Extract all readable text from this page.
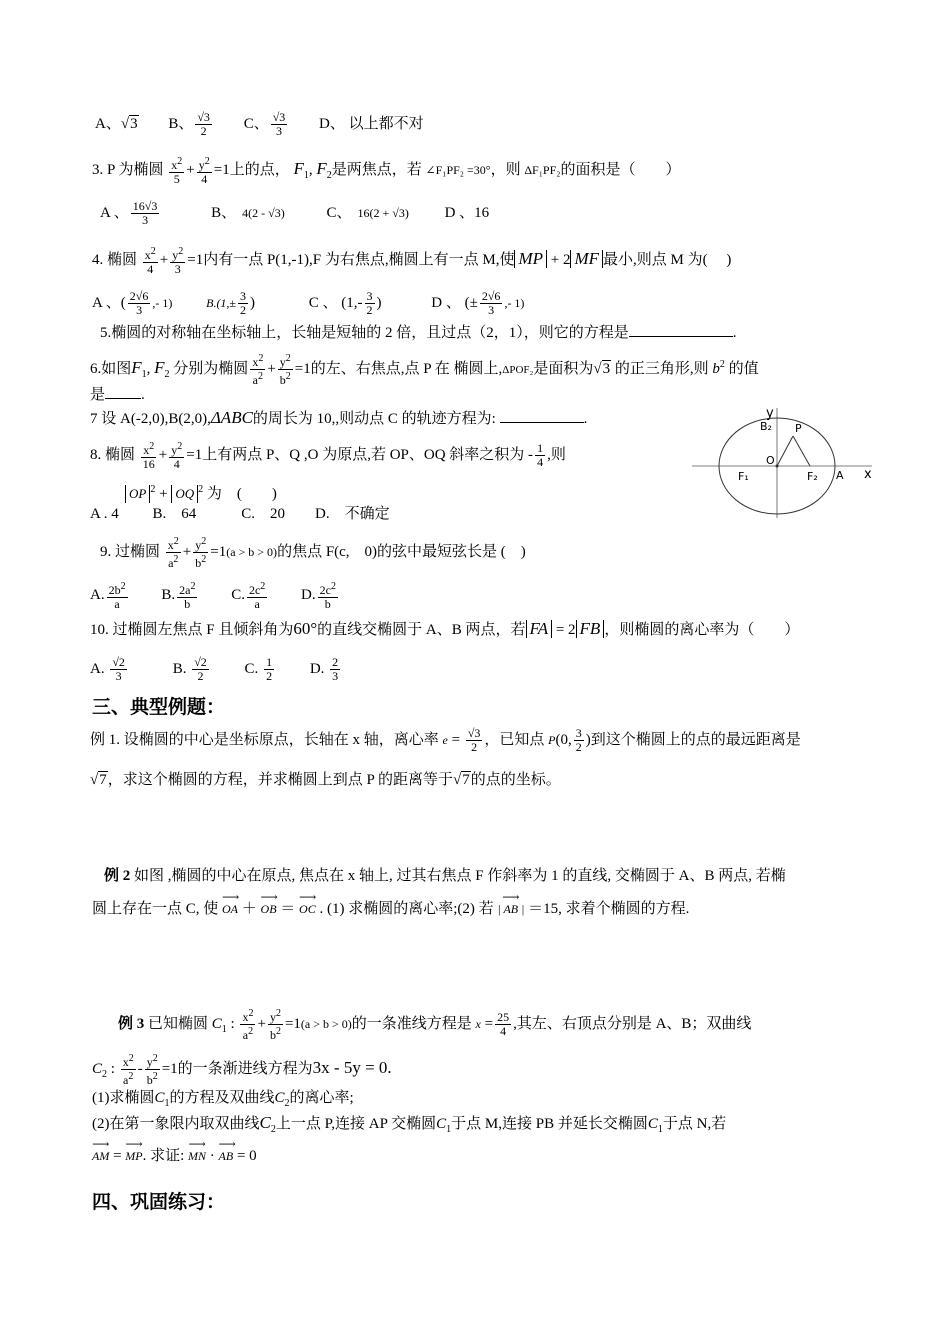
A、√3 B、 $\frac{√3}{2}$ C、 $\frac{√3}{3}$ D、 以上都不对
3. P 为椭圆 $\frac{x^2}{5} + \frac{y^2}{4} =1$上的点， $F_1$, $F_2$是两焦点，若 ∠F₁PF₂ =30°，则 ΔF₁PF₂的面积是（　　）
A 、 $\frac{16√3}{3}$	B、 4(2 - √3)	C、 16(2 + √3) D 、16
4. 椭圆 $\frac{x^2}{4} + \frac{y^2}{3} =1$内有一点 P(1,-1),F 为右焦点,椭圆上有一点 M,使 MP + 2 MF 最小,则点 M 为(　 )
A 、( $\frac{2√6}{3}$ ,- 1)	$B.(1,\pm \frac{3}{2}$ )	C 、 ($1,- \frac{3}{2}$ )	D 、 (± $\frac{2√6}{3}$ ,- 1)
5.椭圆的对称轴在坐标轴上，长轴是短轴的 2 倍，且过点（2，1），则它的方程是	.
6.如图$F_1$, $F_2$ 分别为椭圆 $\frac{x^2}{a^2} + \frac{y^2}{b^2} =1$的左、右焦点,点 P 在 椭圆上,ΔPOF₂是面积为√3 的正三角形,则 $b^2$ 的值
是 .
7 设 A(-2,0),B(2,0),ΔABC的周长为 10,,则动点 C 的轨迹方程为:	.
8. 椭圆 $\frac{x^2}{16} + \frac{y^2}{4} =1$上有两点 P、Q ,O 为原点,若 OP、OQ 斜率之积为 - $\frac{1}{4}$ ,则
OP $^2$ + OQ $^2$ 为　(　　)
A . 4　　 B.　64　　　C.　20　　D.　不确定
9. 过椭圆 $\frac{x^2}{a^2} + \frac{y^2}{b^2} =1(a > b > 0)$的焦点 F(c,　0)的弦中最短弦长是 (　)
A. $\frac{2b^2}{a} B$. $\frac{2a^2}{b} C$. $\frac{2c^2}{a} D$. $\frac{2c^2}{b}$
10. 过椭圆左焦点 F 且倾斜角为60°的直线交椭圆于 A、B 两点，若 FA = 2 FB ，则椭圆的离心率为（　　）
A. $\frac{√2}{3}$	B. $\frac{√2}{2} C$. $\frac{1}{2} D$. $\frac{2}{3}$
三、典型例题：
例 1. 设椭圆的中心是坐标原点，长轴在 x 轴，离心率 $e = \frac{√3}{2}$ ，已知点 P(0, $\frac{3}{2}$ )到这个椭圆上的点的最远距离是
√7，求这个椭圆的方程，并求椭圆上到点 P 的距离等于√7的点的坐标。
例 2 如图 ,椭圆的中心在原点, 焦点在 x 轴上, 过其右焦点 F 作斜率为 1 的直线, 交椭圆于 A、B 两点, 若椭
圆上存在一点 C, 使 ⟶ OA ＋ ⟶ OB ＝ ⟶ OC . (1) 求椭圆的离心率;(2) 若 ⟶ | AB | ＝15, 求着个椭圆的方程.
例 3 已知椭圆 $C_1$ : $\frac{x^2}{a^2} + \frac{y^2}{b^2} =1(a > b > 0)$的一条准线方程是 $x = \frac{25}{4}$ ,其左、右顶点分别是 A、B；双曲线
$C_2$ : $\frac{x^2}{a^2} - \frac{y^2}{b^2} =1$的一条渐进线方程为3x - 5y = 0.
(1)求椭圆$C_1$的方程及双曲线$C_2$的离心率;
(2)在第一象限内取双曲线$C_2$上一点 P,连接 AP 交椭圆$C_1$于点 M,连接 PB 并延长交椭圆$C_1$于点 N,若
⟶ AM = ⟶ MP. 求证: ⟶ MN · ⟶ AB = 0
四、巩固练习：
y
B₂ P
O
F₁	F₂ A x
